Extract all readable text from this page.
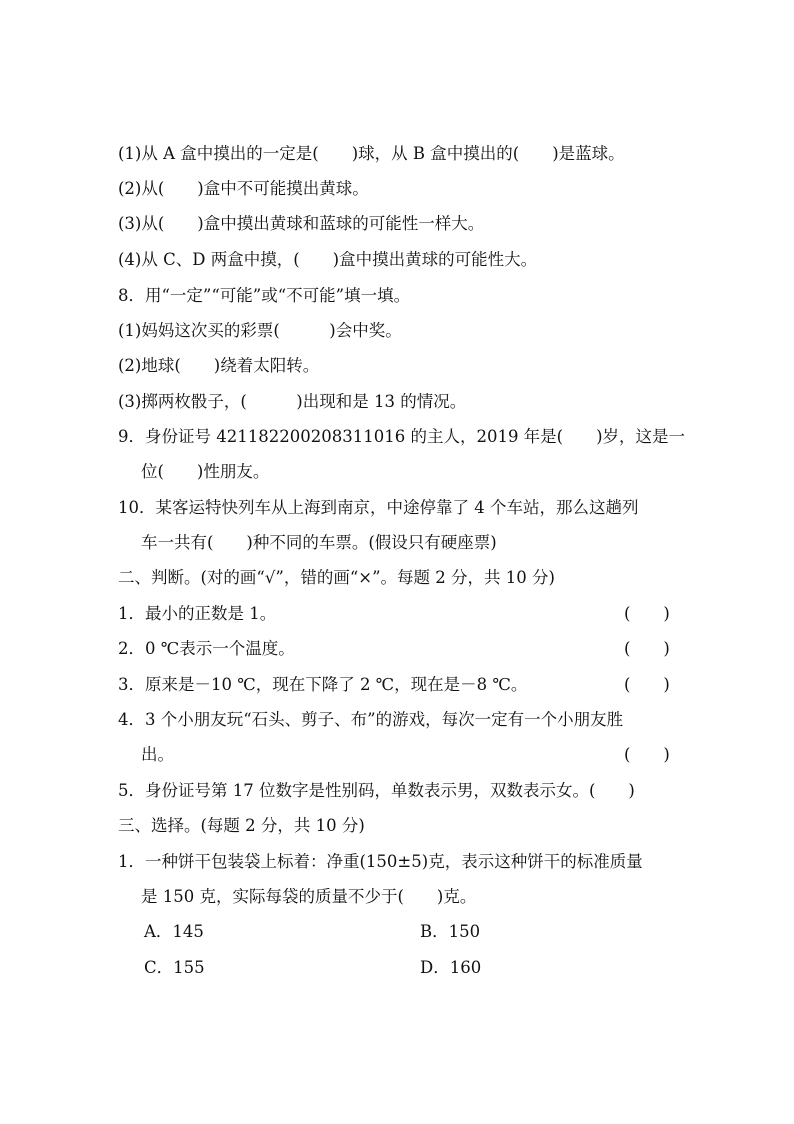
(1)从 A 盒中摸出的一定是(　　)球，从 B 盒中摸出的(　　)是蓝球。
(2)从(　　)盒中不可能摸出黄球。
(3)从(　　)盒中摸出黄球和蓝球的可能性一样大。
(4)从 C、D 两盒中摸，(　　)盒中摸出黄球的可能性大。
8．用“一定”“可能”或“不可能”填一填。
(1)妈妈这次买的彩票(　　　)会中奖。
(2)地球(　　)绕着太阳转。
(3)掷两枚骰子，(　　　)出现和是 13 的情况。
9．身份证号 421182200208311016 的主人，2019 年是(　　)岁，这是一
位(　　)性朋友。
10．某客运特快列车从上海到南京，中途停靠了 4 个车站，那么这趟列
车一共有(　　)种不同的车票。(假设只有硬座票)
二、判断。(对的画“√”，错的画“×”。每题 2 分，共 10 分)
1．最小的正数是 1。	(　　)
2．0 ℃表示一个温度。	(　　)
3．原来是－10 ℃，现在下降了 2 ℃，现在是－8 ℃。	(　　)
4．3 个小朋友玩“石头、剪子、布”的游戏，每次一定有一个小朋友胜
出。	(　　)
5．身份证号第 17 位数字是性别码，单数表示男，双数表示女。(　　)
三、选择。(每题 2 分，共 10 分)
1．一种饼干包装袋上标着：净重(150±5)克，表示这种饼干的标准质量
是 150 克，实际每袋的质量不少于(　　)克。
A．145	B．150
C．155	D．160
